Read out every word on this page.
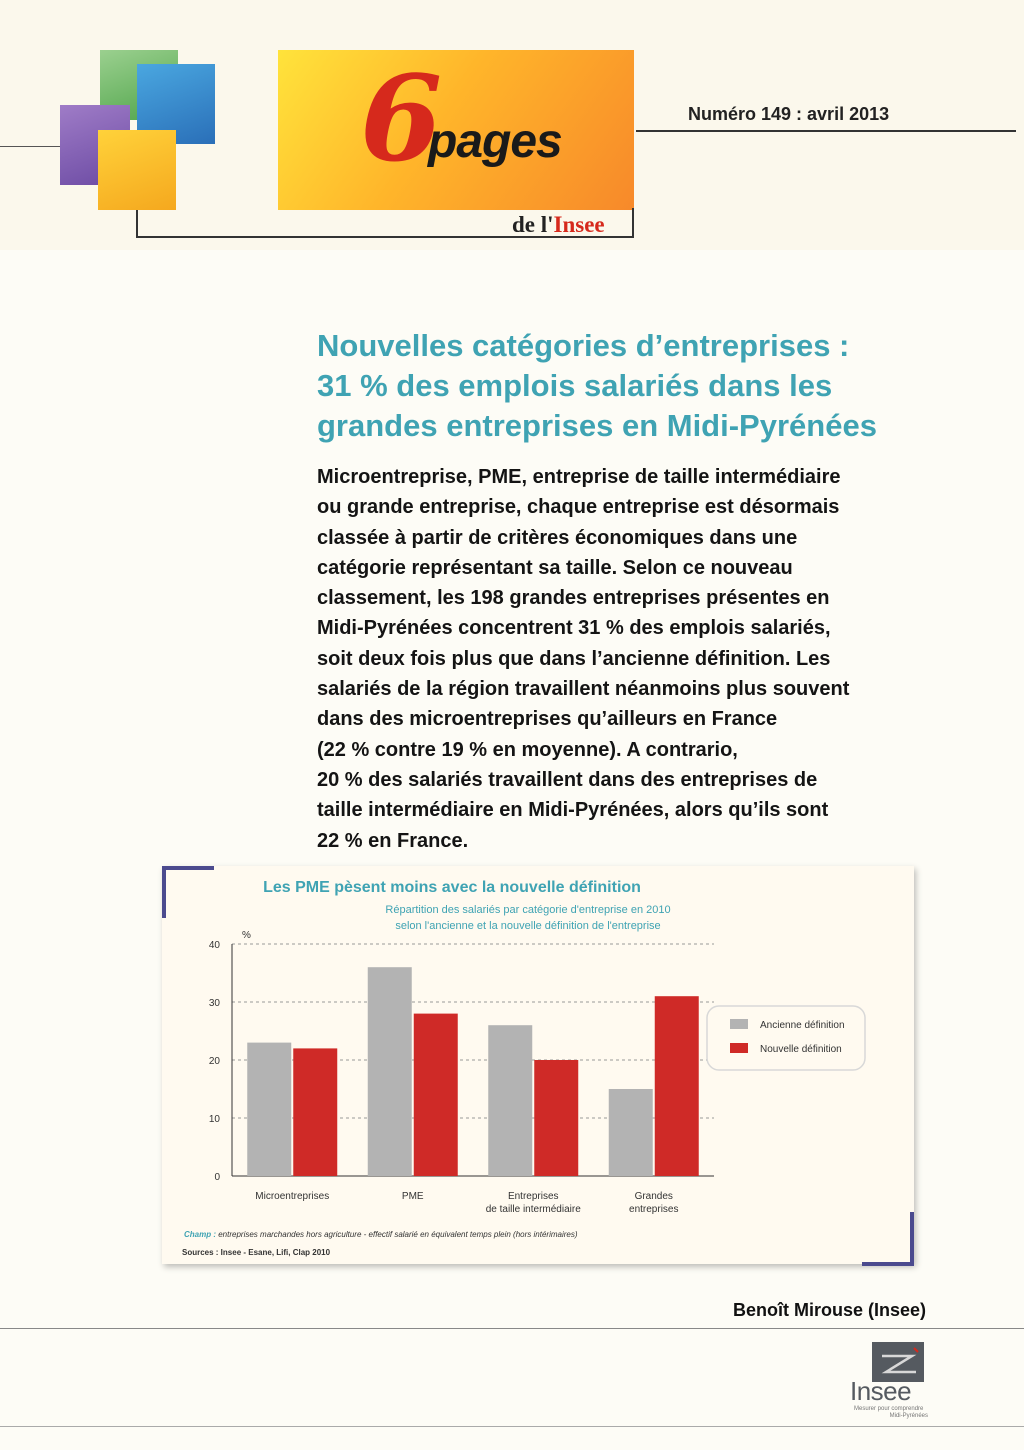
6
pages
de l'Insee
Numéro 149 : avril 2013
Nouvelles catégories d’entreprises :
31 % des emplois salariés dans les
grandes entreprises en Midi-Pyrénées
Microentreprise, PME, entreprise de taille intermédiaire
ou grande entreprise, chaque entreprise est désormais
classée à partir de critères économiques dans une
catégorie représentant sa taille. Selon ce nouveau
classement, les 198 grandes entreprises présentes en
Midi-Pyrénées concentrent 31 % des emplois salariés,
soit deux fois plus que dans l’ancienne définition. Les
salariés de la région travaillent néanmoins plus souvent
dans des microentreprises qu’ailleurs en France
(22 % contre 19 % en moyenne). A contrario,
20 % des salariés travaillent dans des entreprises de
taille intermédiaire en Midi-Pyrénées, alors qu’ils sont
22 % en France.
Les PME pèsent moins avec la nouvelle définition
Répartition des salariés par catégorie d'entreprise en 2010
selon l'ancienne et la nouvelle définition de l'entreprise
%
0
10
20
30
40
Microentreprises	PME	Entreprises
de taille intermédiaire
Grandes
entreprises
Ancienne définition
Nouvelle définition
Champ : entreprises marchandes hors agriculture - effectif salarié en équivalent temps plein (hors intérimaires)
Sources : Insee - Esane, Lifi, Clap 2010
Benoît Mirouse (Insee)
Insee
Mesurer pour comprendre
Midi-Pyrénées
